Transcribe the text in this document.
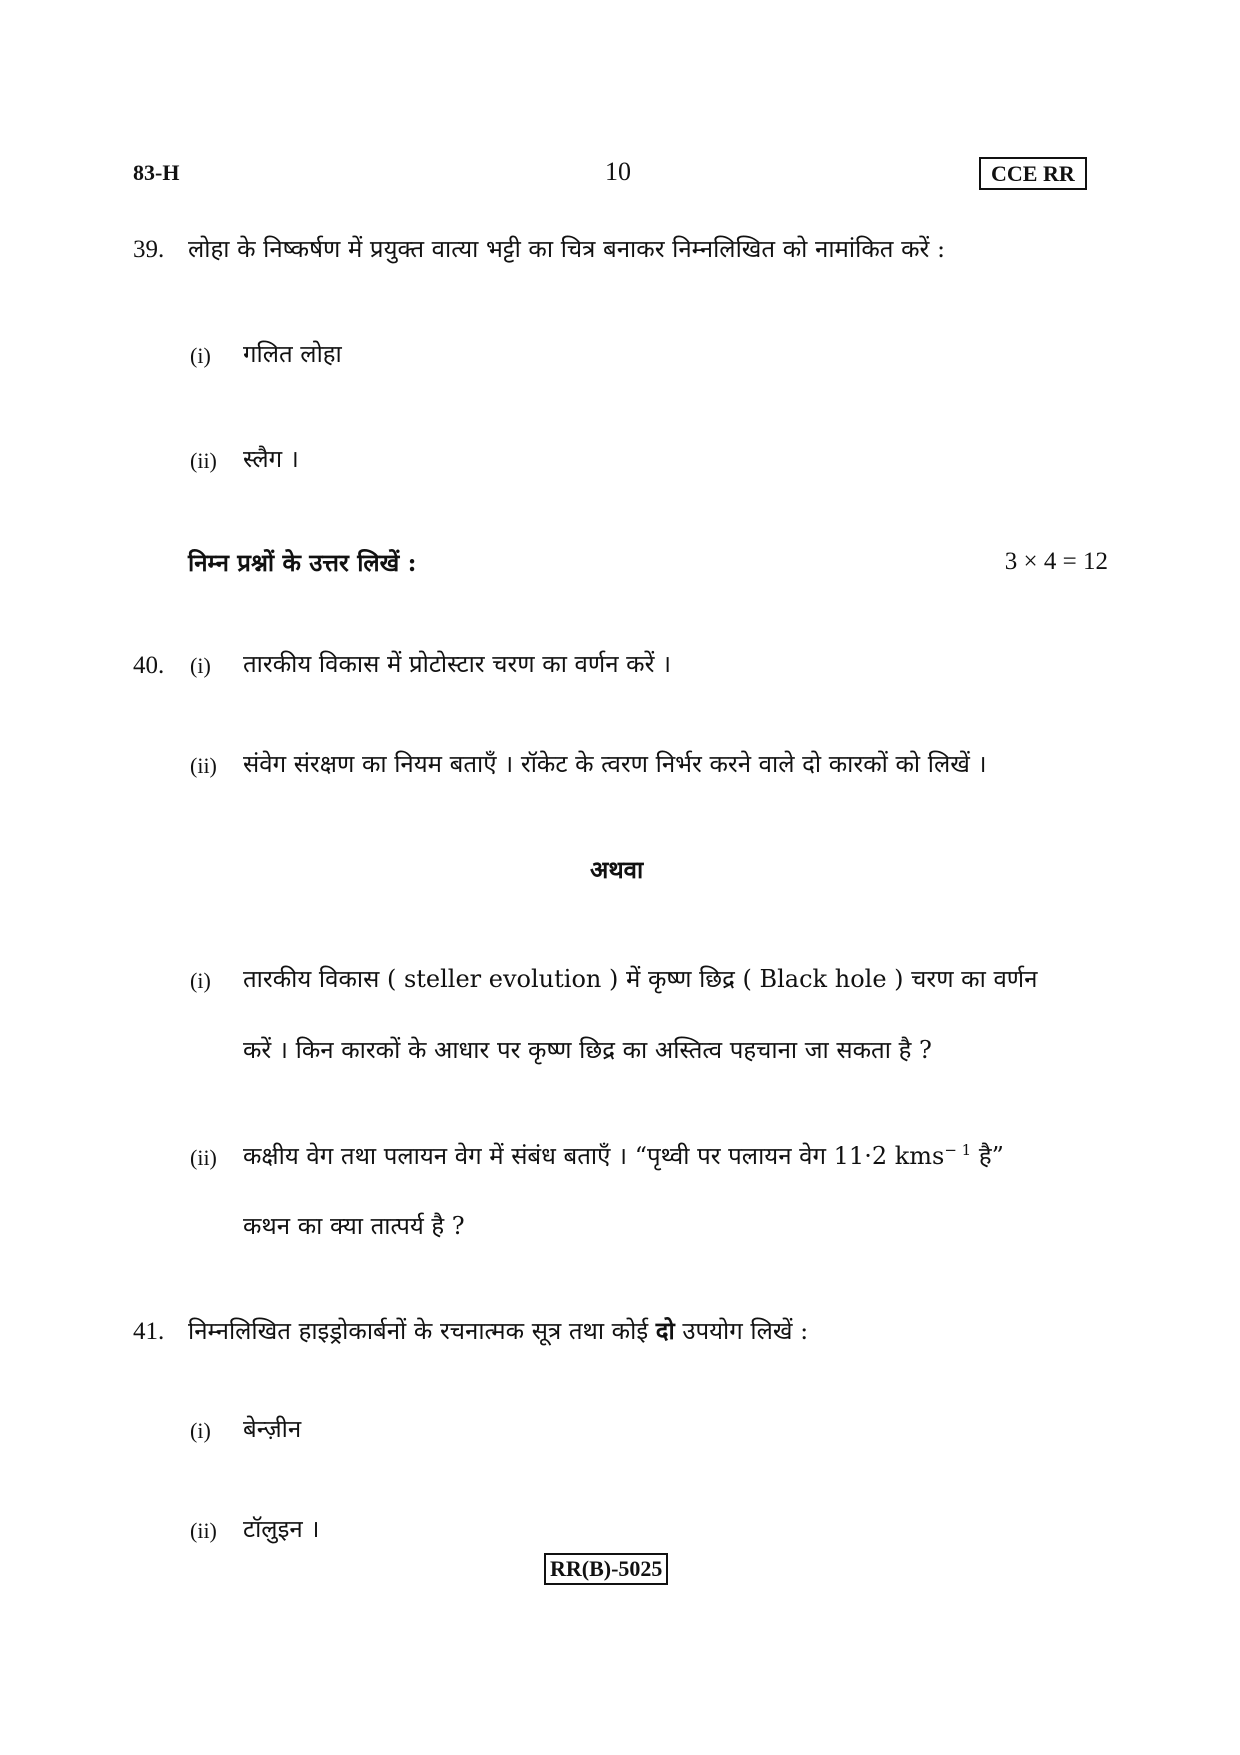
83-H	10	CCE RR
39. लोहा के निष्कर्षण में प्रयुक्त वात्या भट्टी का चित्र बनाकर निम्नलिखित को नामांकित करें :
(i) गलित लोहा
(ii) स्लैग ।
निम्न प्रश्नों के उत्तर लिखें :	3 × 4 = 12
40. (i) तारकीय विकास में प्रोटोस्टार चरण का वर्णन करें ।
(ii) संवेग संरक्षण का नियम बताएँ । रॉकेट के त्वरण निर्भर करने वाले दो कारकों को लिखें ।
अथवा
(i) तारकीय विकास ( steller evolution ) में कृष्ण छिद्र ( Black hole ) चरण का वर्णन
करें । किन कारकों के आधार पर कृष्ण छिद्र का अस्तित्व पहचाना जा सकता है ?
(ii) कक्षीय वेग तथा पलायन वेग में संबंध बताएँ । “पृथ्वी पर पलायन वेग 11·2 kms$^{- 1}$ है”
कथन का क्या तात्पर्य है ?
41. निम्नलिखित हाइड्रोकार्बनों के रचनात्मक सूत्र तथा कोई दो उपयोग लिखें :
(i) बेन्ज़ीन
(ii) टॉलुइन ।
RR(B)-5025
